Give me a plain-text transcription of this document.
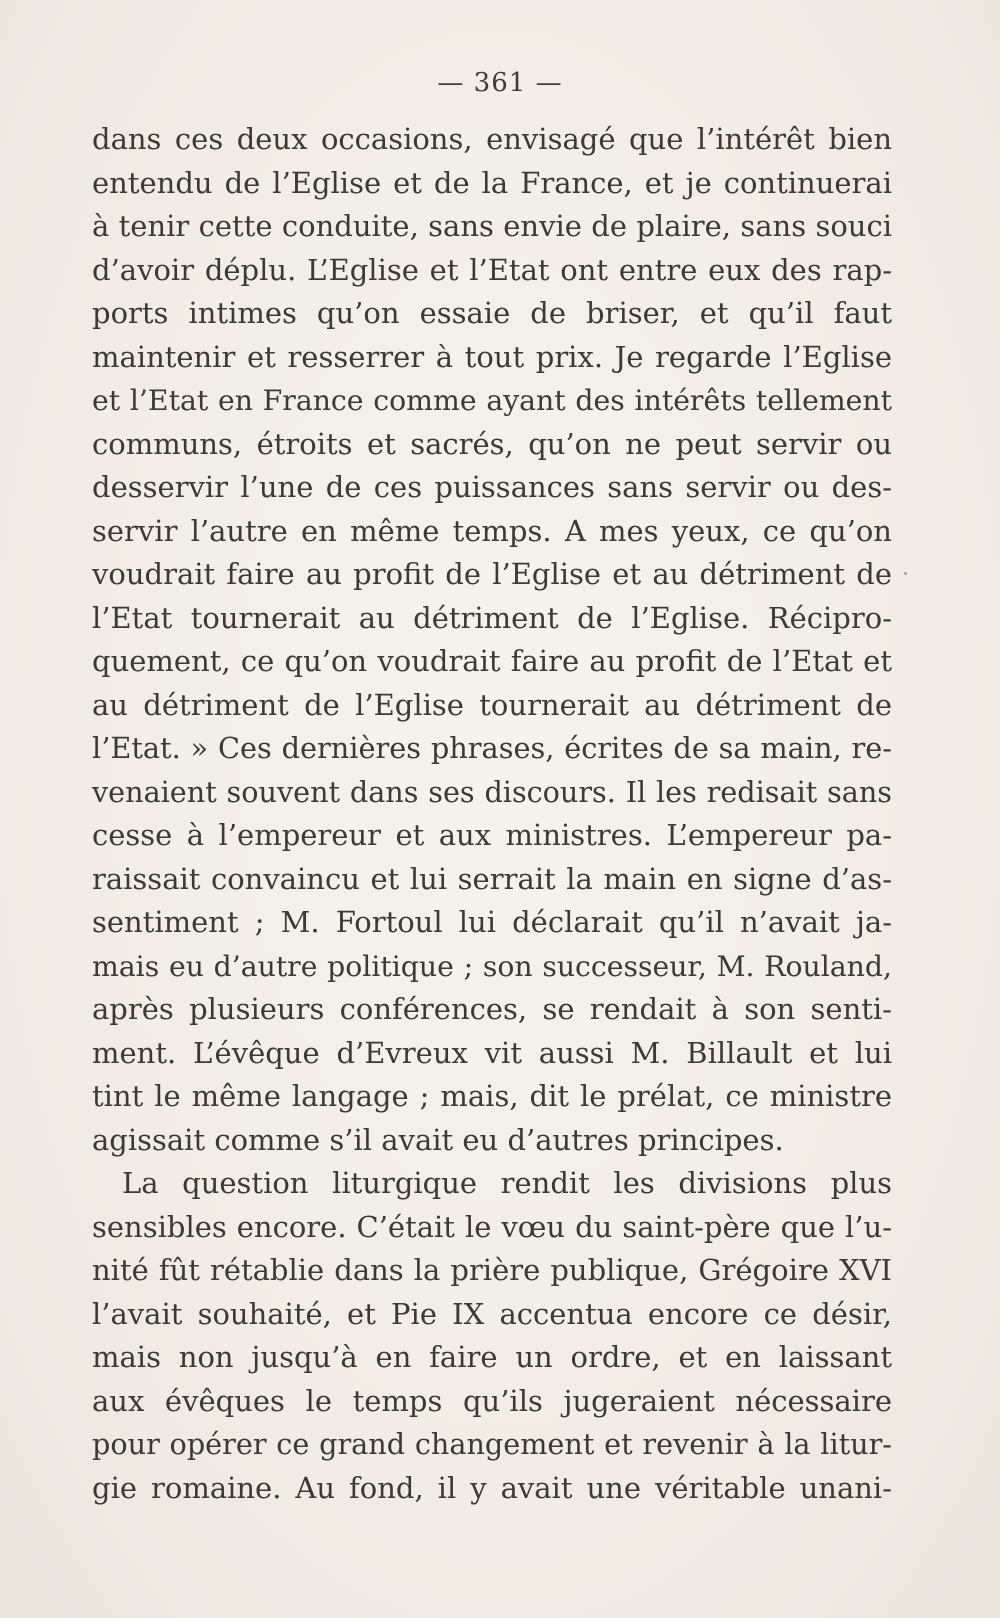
— 361 —
dans ces deux occasions, envisagé que l’intérêt bien
entendu de l’Eglise et de la France, et je continuerai
à tenir cette conduite, sans envie de plaire, sans souci
d’avoir déplu. L’Eglise et l’Etat ont entre eux des rap-
ports intimes qu’on essaie de briser, et qu’il faut
maintenir et resserrer à tout prix. Je regarde l’Eglise
et l’Etat en France comme ayant des intérêts tellement
communs, étroits et sacrés, qu’on ne peut servir ou
desservir l’une de ces puissances sans servir ou des-
servir l’autre en même temps. A mes yeux, ce qu’on
voudrait faire au profit de l’Eglise et au détriment de
l’Etat tournerait au détriment de l’Eglise. Récipro-
quement, ce qu’on voudrait faire au profit de l’Etat et
au détriment de l’Eglise tournerait au détriment de
l’Etat. » Ces dernières phrases, écrites de sa main, re-
venaient souvent dans ses discours. Il les redisait sans
cesse à l’empereur et aux ministres. L’empereur pa-
raissait convaincu et lui serrait la main en signe d’as-
sentiment ; M. Fortoul lui déclarait qu’il n’avait ja-
mais eu d’autre politique ; son successeur, M. Rouland,
après plusieurs conférences, se rendait à son senti-
ment. L’évêque d’Evreux vit aussi M. Billault et lui
tint le même langage ; mais, dit le prélat, ce ministre
agissait comme s’il avait eu d’autres principes.
La question liturgique rendit les divisions plus
sensibles encore. C’était le vœu du saint-père que l’u-
nité fût rétablie dans la prière publique, Grégoire XVI
l’avait souhaité, et Pie IX accentua encore ce désir,
mais non jusqu’à en faire un ordre, et en laissant
aux évêques le temps qu’ils jugeraient nécessaire
pour opérer ce grand changement et revenir à la litur-
gie romaine. Au fond, il y avait une véritable unani-
